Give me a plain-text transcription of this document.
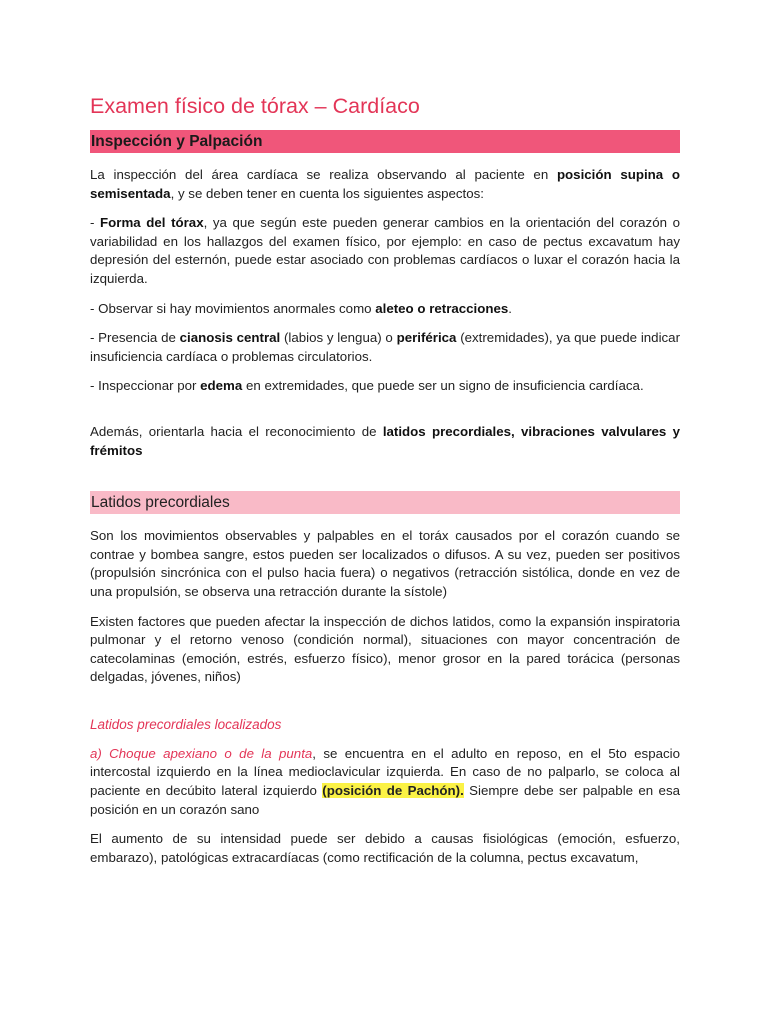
Examen físico de tórax – Cardíaco
Inspección y Palpación

La inspección del área cardíaca se realiza observando al paciente en posición supina o semisentada, y se deben tener en cuenta los siguientes aspectos:

- Forma del tórax, ya que según este pueden generar cambios en la orientación del corazón o variabilidad en los hallazgos del examen físico, por ejemplo: en caso de pectus excavatum hay depresión del esternón, puede estar asociado con problemas cardíacos o luxar el corazón hacia la izquierda.

- Observar si hay movimientos anormales como aleteo o retracciones.

- Presencia de cianosis central (labios y lengua) o periférica (extremidades), ya que puede indicar insuficiencia cardíaca o problemas circulatorios.

- Inspeccionar por edema en extremidades, que puede ser un signo de insuficiencia cardíaca.

Además, orientarla hacia el reconocimiento de latidos precordiales, vibraciones valvulares y frémitos

Latidos precordiales

Son los movimientos observables y palpables en el toráx causados por el corazón cuando se contrae y bombea sangre, estos pueden ser localizados o difusos. A su vez, pueden ser positivos (propulsión sincrónica con el pulso hacia fuera) o negativos (retracción sistólica, donde en vez de una propulsión, se observa una retracción durante la sístole)

Existen factores que pueden afectar la inspección de dichos latidos, como la expansión inspiratoria pulmonar y el retorno venoso (condición normal), situaciones con mayor concentración de catecolaminas (emoción, estrés, esfuerzo físico), menor grosor en la pared torácica (personas delgadas, jóvenes, niños)

Latidos precordiales localizados

a) Choque apexiano o de la punta, se encuentra en el adulto en reposo, en el 5to espacio intercostal izquierdo en la línea medioclavicular izquierda. En caso de no palparlo, se coloca al paciente en decúbito lateral izquierdo (posición de Pachón). Siempre debe ser palpable en esa posición en un corazón sano

El aumento de su intensidad puede ser debido a causas fisiológicas (emoción, esfuerzo, embarazo), patológicas extracardíacas (como rectificación de la columna, pectus excavatum,
